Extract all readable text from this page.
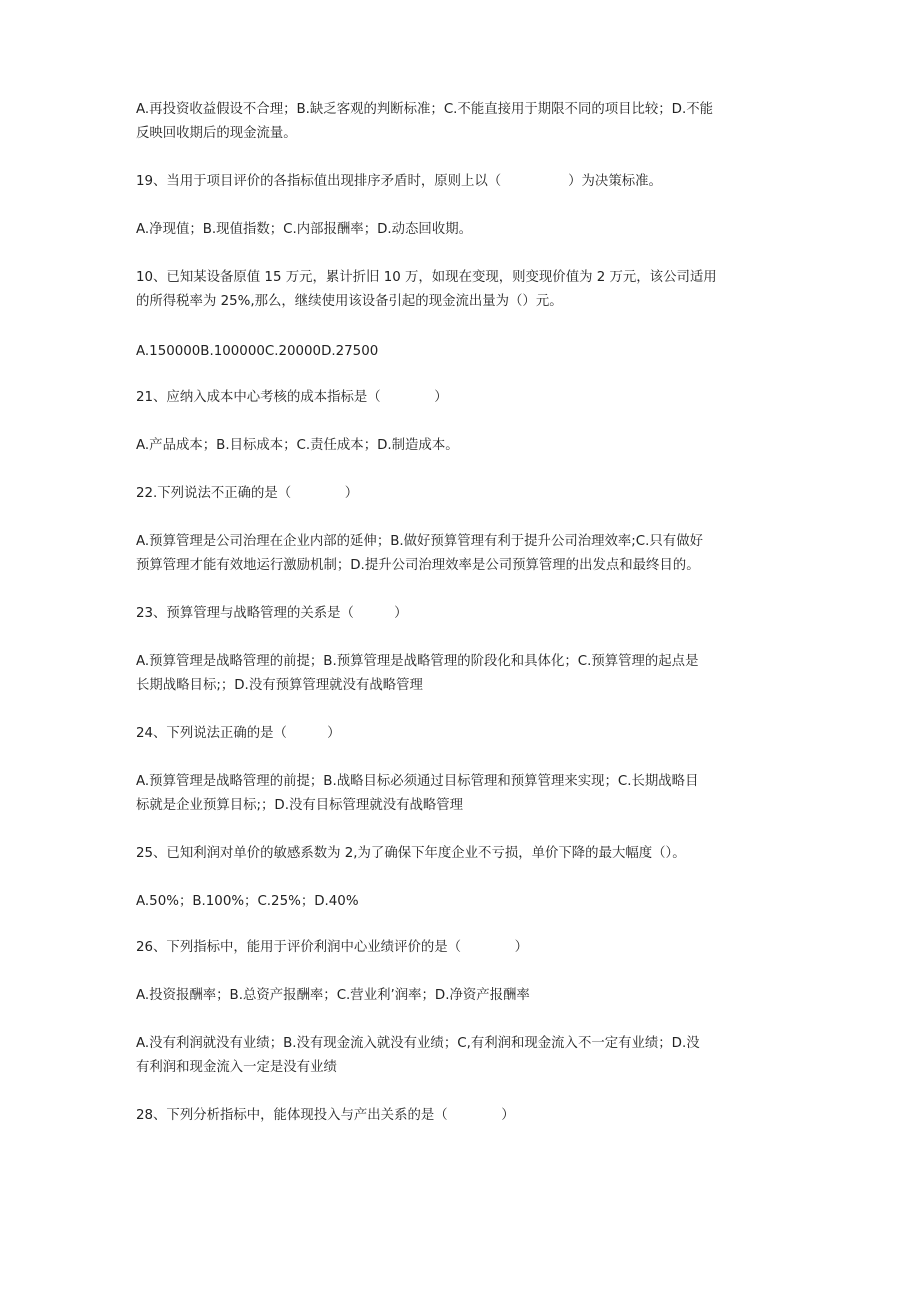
A.再投资收益假设不合理；B.缺乏客观的判断标准；C.不能直接用于期限不同的项目比较；D.不能
反映回收期后的现金流量。
19、当用于项目评价的各指标值出现排序矛盾时，原则上以（　　　　　）为决策标准。
A.净现值；B.现值指数；C.内部报酬率；D.动态回收期。
10、已知某设备原值 15 万元，累计折旧 10 万，如现在变现，则变现价值为 2 万元，该公司适用
的所得税率为 25%,那么，继续使用该设备引起的现金流出量为（）元。
A.150000B.100000C.20000D.27500
21、应纳入成本中心考核的成本指标是（　　　　）
A.产品成本；B.目标成本；C.责任成本；D.制造成本。
22.下列说法不正确的是（　　　　）
A.预算管理是公司治理在企业内部的延伸；B.做好预算管理有利于提升公司治理效率;C.只有做好
预算管理才能有效地运行激励机制；D.提升公司治理效率是公司预算管理的出发点和最终目的。
23、预算管理与战略管理的关系是（　　　）
A.预算管理是战略管理的前提；B.预算管理是战略管理的阶段化和具体化；C.预算管理的起点是
长期战略目标;；D.没有预算管理就没有战略管理
24、下列说法正确的是（　　　）
A.预算管理是战略管理的前提；B.战略目标必须通过目标管理和预算管理来实现；C.长期战略目
标就是企业预算目标;；D.没有目标管理就没有战略管理
25、已知利润对单价的敏感系数为 2,为了确保下年度企业不亏损，单价下降的最大幅度（）。
A.50%；B.100%；C.25%；D.40%
26、下列指标中，能用于评价利润中心业绩评价的是（　　　　）
A.投资报酬率；B.总资产报酬率；C.营业利’润率；D.净资产报酬率
A.没有利润就没有业绩；B.没有现金流入就没有业绩；C,有利润和现金流入不一定有业绩；D.没
有利润和现金流入一定是没有业绩
28、下列分析指标中，能体现投入与产出关系的是（　　　　）
